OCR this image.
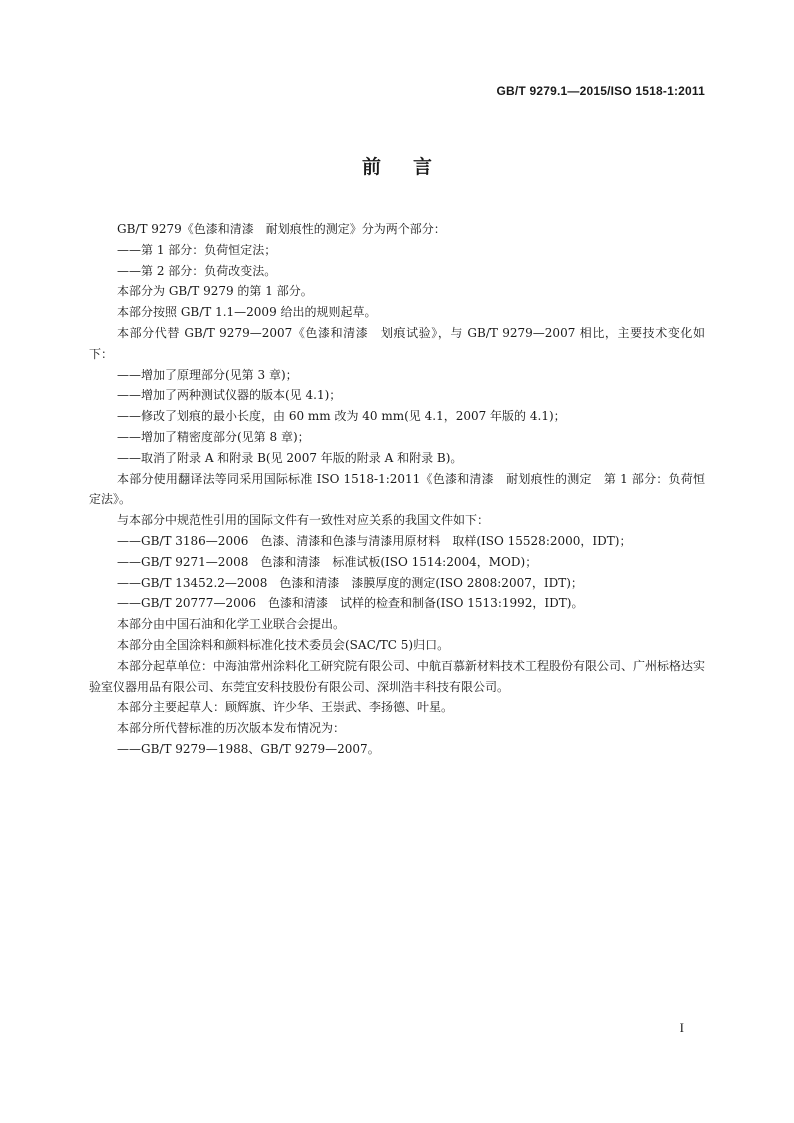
GB/T 9279.1—2015/ISO 1518-1:2011
前言

GB/T 9279《色漆和清漆　耐划痕性的测定》分为两个部分：

——第 1 部分：负荷恒定法；

——第 2 部分：负荷改变法。

本部分为 GB/T 9279 的第 1 部分。

本部分按照 GB/T 1.1—2009 给出的规则起草。

本部分代替 GB/T 9279—2007《色漆和清漆　划痕试验》，与 GB/T 9279—2007 相比，主要技术变化如下：

——增加了原理部分(见第 3 章)；

——增加了两种测试仪器的版本(见 4.1)；

——修改了划痕的最小长度，由 60 mm 改为 40 mm(见 4.1，2007 年版的 4.1)；

——增加了精密度部分(见第 8 章)；

——取消了附录 A 和附录 B(见 2007 年版的附录 A 和附录 B)。

本部分使用翻译法等同采用国际标准 ISO 1518-1:2011《色漆和清漆　耐划痕性的测定　第 1 部分：负荷恒定法》。

与本部分中规范性引用的国际文件有一致性对应关系的我国文件如下：

——GB/T 3186—2006　色漆、清漆和色漆与清漆用原材料　取样(ISO 15528:2000，IDT)；

——GB/T 9271—2008　色漆和清漆　标准试板(ISO 1514:2004，MOD)；

——GB/T 13452.2—2008　色漆和清漆　漆膜厚度的测定(ISO 2808:2007，IDT)；

——GB/T 20777—2006　色漆和清漆　试样的检查和制备(ISO 1513:1992，IDT)。

本部分由中国石油和化学工业联合会提出。

本部分由全国涂料和颜料标准化技术委员会(SAC/TC 5)归口。

本部分起草单位：中海油常州涂料化工研究院有限公司、中航百慕新材料技术工程股份有限公司、广州标格达实验室仪器用品有限公司、东莞宜安科技股份有限公司、深圳浩丰科技有限公司。

本部分主要起草人：顾辉旗、许少华、王崇武、李扬德、叶星。

本部分所代替标准的历次版本发布情况为：

——GB/T 9279—1988、GB/T 9279—2007。

I
